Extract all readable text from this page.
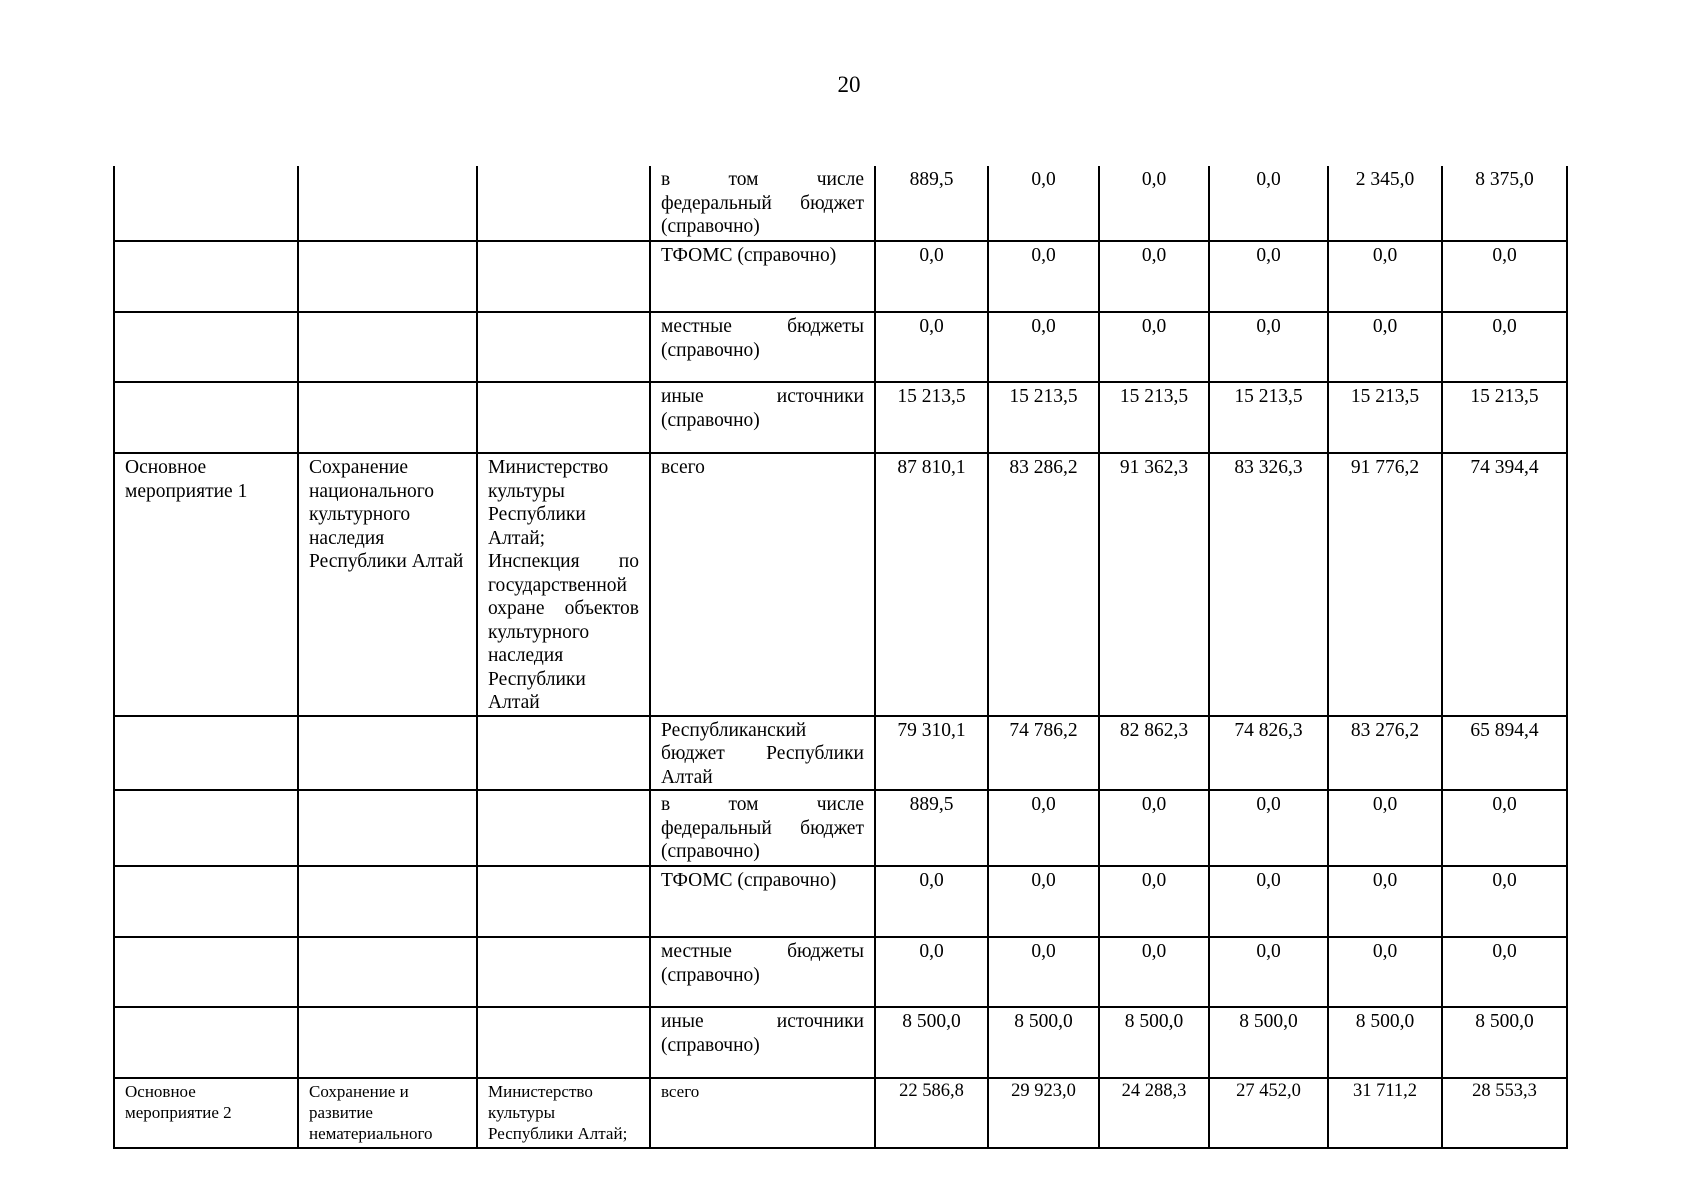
20
			в том числе федеральный бюджет (справочно)	889,5	0,0	0,0	0,0	2 345,0	8 375,0
			ТФОМС (справочно)	0,0	0,0	0,0	0,0	0,0	0,0
			местные бюджеты (справочно)	0,0	0,0	0,0	0,0	0,0	0,0
			иные источники (справочно)	15 213,5	15 213,5	15 213,5	15 213,5	15 213,5	15 213,5
Основное мероприятие 1	Сохранение национального культурного наследия Республики Алтай	Министерство культуры Республики Алтай; Инспекция по государственной охране объектов культурного наследия Республики Алтай	всего	87 810,1	83 286,2	91 362,3	83 326,3	91 776,2	74 394,4
			Республиканский бюджет Республики Алтай	79 310,1	74 786,2	82 862,3	74 826,3	83 276,2	65 894,4
			в том числе федеральный бюджет (справочно)	889,5	0,0	0,0	0,0	0,0	0,0
			ТФОМС (справочно)	0,0	0,0	0,0	0,0	0,0	0,0
			местные бюджеты (справочно)	0,0	0,0	0,0	0,0	0,0	0,0
			иные источники (справочно)	8 500,0	8 500,0	8 500,0	8 500,0	8 500,0	8 500,0
Основное мероприятие 2	Сохранение и развитие нематериального	Министерство культуры Республики Алтай;	всего	22 586,8	29 923,0	24 288,3	27 452,0	31 711,2	28 553,3
